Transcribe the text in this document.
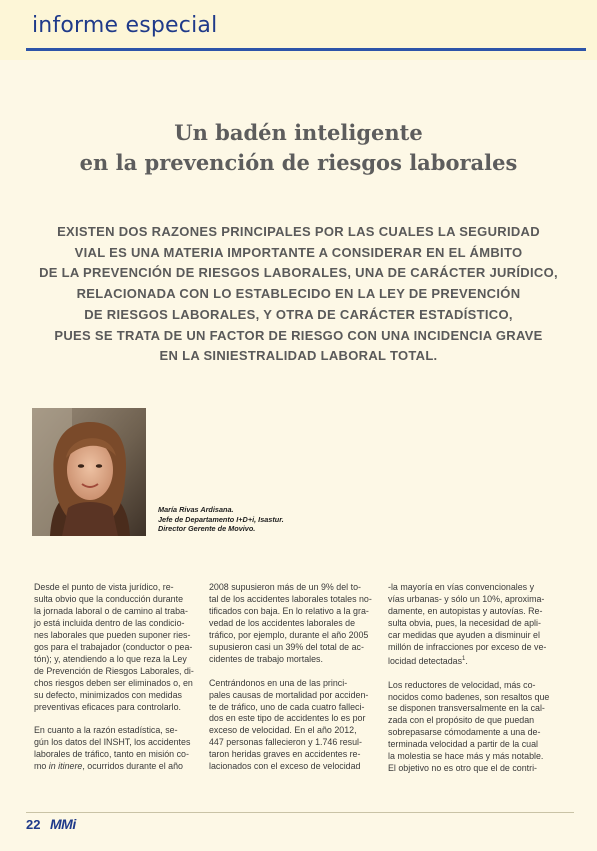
informe especial
Un badén inteligente
en la prevención de riesgos laborales
EXISTEN DOS RAZONES PRINCIPALES POR LAS CUALES LA SEGURIDAD
VIAL ES UNA MATERIA IMPORTANTE A CONSIDERAR EN EL ÁMBITO
DE LA PREVENCIÓN DE RIESGOS LABORALES, UNA DE CARÁCTER JURÍDICO,
RELACIONADA CON LO ESTABLECIDO EN LA LEY DE PREVENCIÓN
DE RIESGOS LABORALES, Y OTRA DE CARÁCTER ESTADÍSTICO,
PUES SE TRATA DE UN FACTOR DE RIESGO CON UNA INCIDENCIA GRAVE
EN LA SINIESTRALIDAD LABORAL TOTAL.
María Rivas Ardisana.
Jefe de Departamento I+D+i, Isastur.
Director Gerente de Movivo.
Desde el punto de vista jurídico, re-
sulta obvio que la conducción durante
la jornada laboral o de camino al traba-
jo está incluida dentro de las condicio-
nes laborales que pueden suponer ries-
gos para el trabajador (conductor o pea-
tón); y, atendiendo a lo que reza la Ley
de Prevención de Riesgos Laborales, di-
chos riesgos deben ser eliminados o, en
su defecto, minimizados con medidas
preventivas eficaces para controlarlo.
En cuanto a la razón estadística, se-
gún los datos del INSHT, los accidentes
laborales de tráfico, tanto en misión co-
mo in itinere, ocurridos durante el año
2008 supusieron más de un 9% del to-
tal de los accidentes laborales totales no-
tificados con baja. En lo relativo a la gra-
vedad de los accidentes laborales de
tráfico, por ejemplo, durante el año 2005
supusieron casi un 39% del total de ac-
cidentes de trabajo mortales.
Centrándonos en una de las princi-
pales causas de mortalidad por acciden-
te de tráfico, uno de cada cuatro falleci-
dos en este tipo de accidentes lo es por
exceso de velocidad. En el año 2012,
447 personas fallecieron y 1.746 resul-
taron heridas graves en accidentes re-
lacionados con el exceso de velocidad
-la mayoría en vías convencionales y
vías urbanas- y sólo un 10%, aproxima-
damente, en autopistas y autovías. Re-
sulta obvia, pues, la necesidad de apli-
car medidas que ayuden a disminuir el
millón de infracciones por exceso de ve-
locidad detectadas$^1$.
Los reductores de velocidad, más co-
nocidos como badenes, son resaltos que
se disponen transversalmente en la cal-
zada con el propósito de que puedan
sobrepasarse cómodamente a una de-
terminada velocidad a partir de la cual
la molestia se hace más y más notable.
El objetivo no es otro que el de contri-
22 MMi
